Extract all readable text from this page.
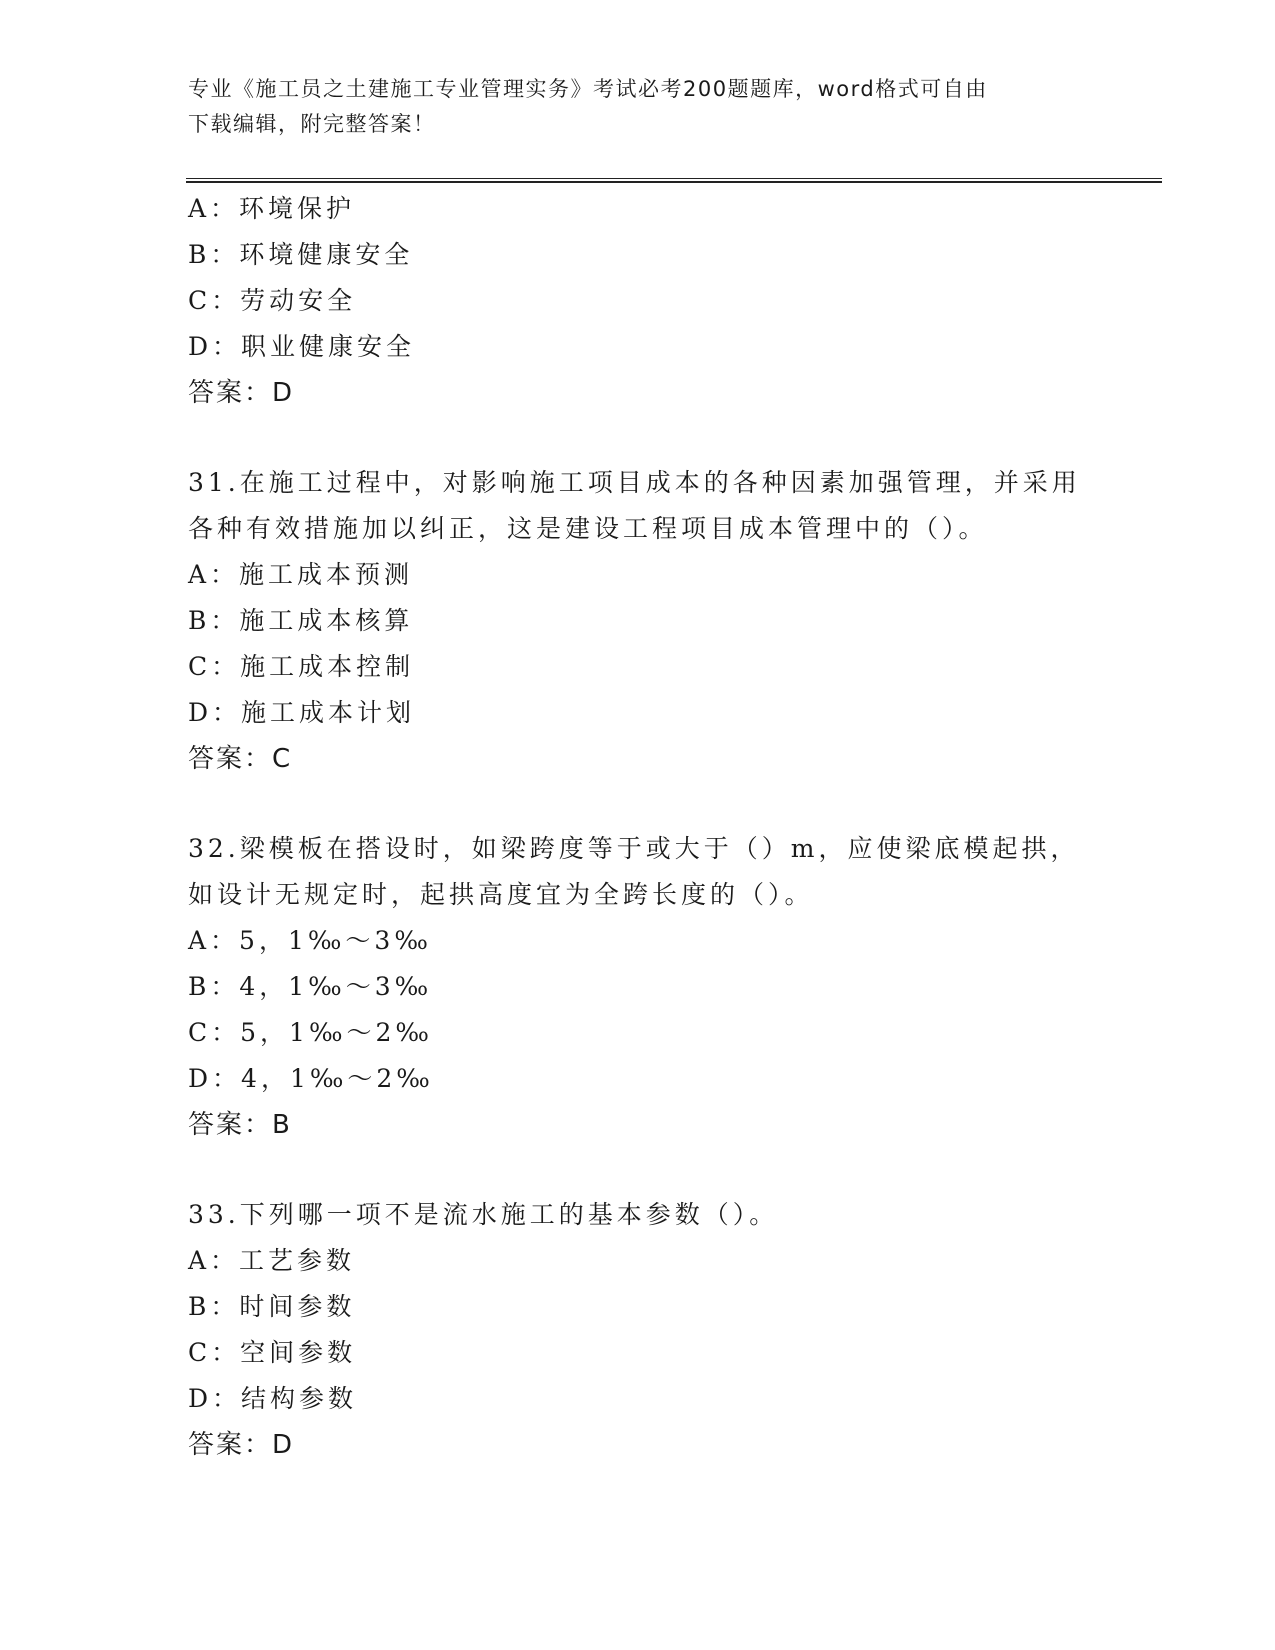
专业《施工员之土建施工专业管理实务》考试必考200题题库，word格式可自由
下载编辑，附完整答案！
A：环境保护
B：环境健康安全
C：劳动安全
D：职业健康安全
答案：D
31.在施工过程中，对影响施工项目成本的各种因素加强管理，并采用
各种有效措施加以纠正，这是建设工程项目成本管理中的（）。
A：施工成本预测
B：施工成本核算
C：施工成本控制
D：施工成本计划
答案：C
32.梁模板在搭设时，如梁跨度等于或大于（）m，应使梁底模起拱，
如设计无规定时，起拱高度宜为全跨长度的（）。
A：5，1‰～3‰
B：4，1‰～3‰
C：5，1‰～2‰
D：4，1‰～2‰
答案：B
33.下列哪一项不是流水施工的基本参数（）。
A：工艺参数
B：时间参数
C：空间参数
D：结构参数
答案：D
